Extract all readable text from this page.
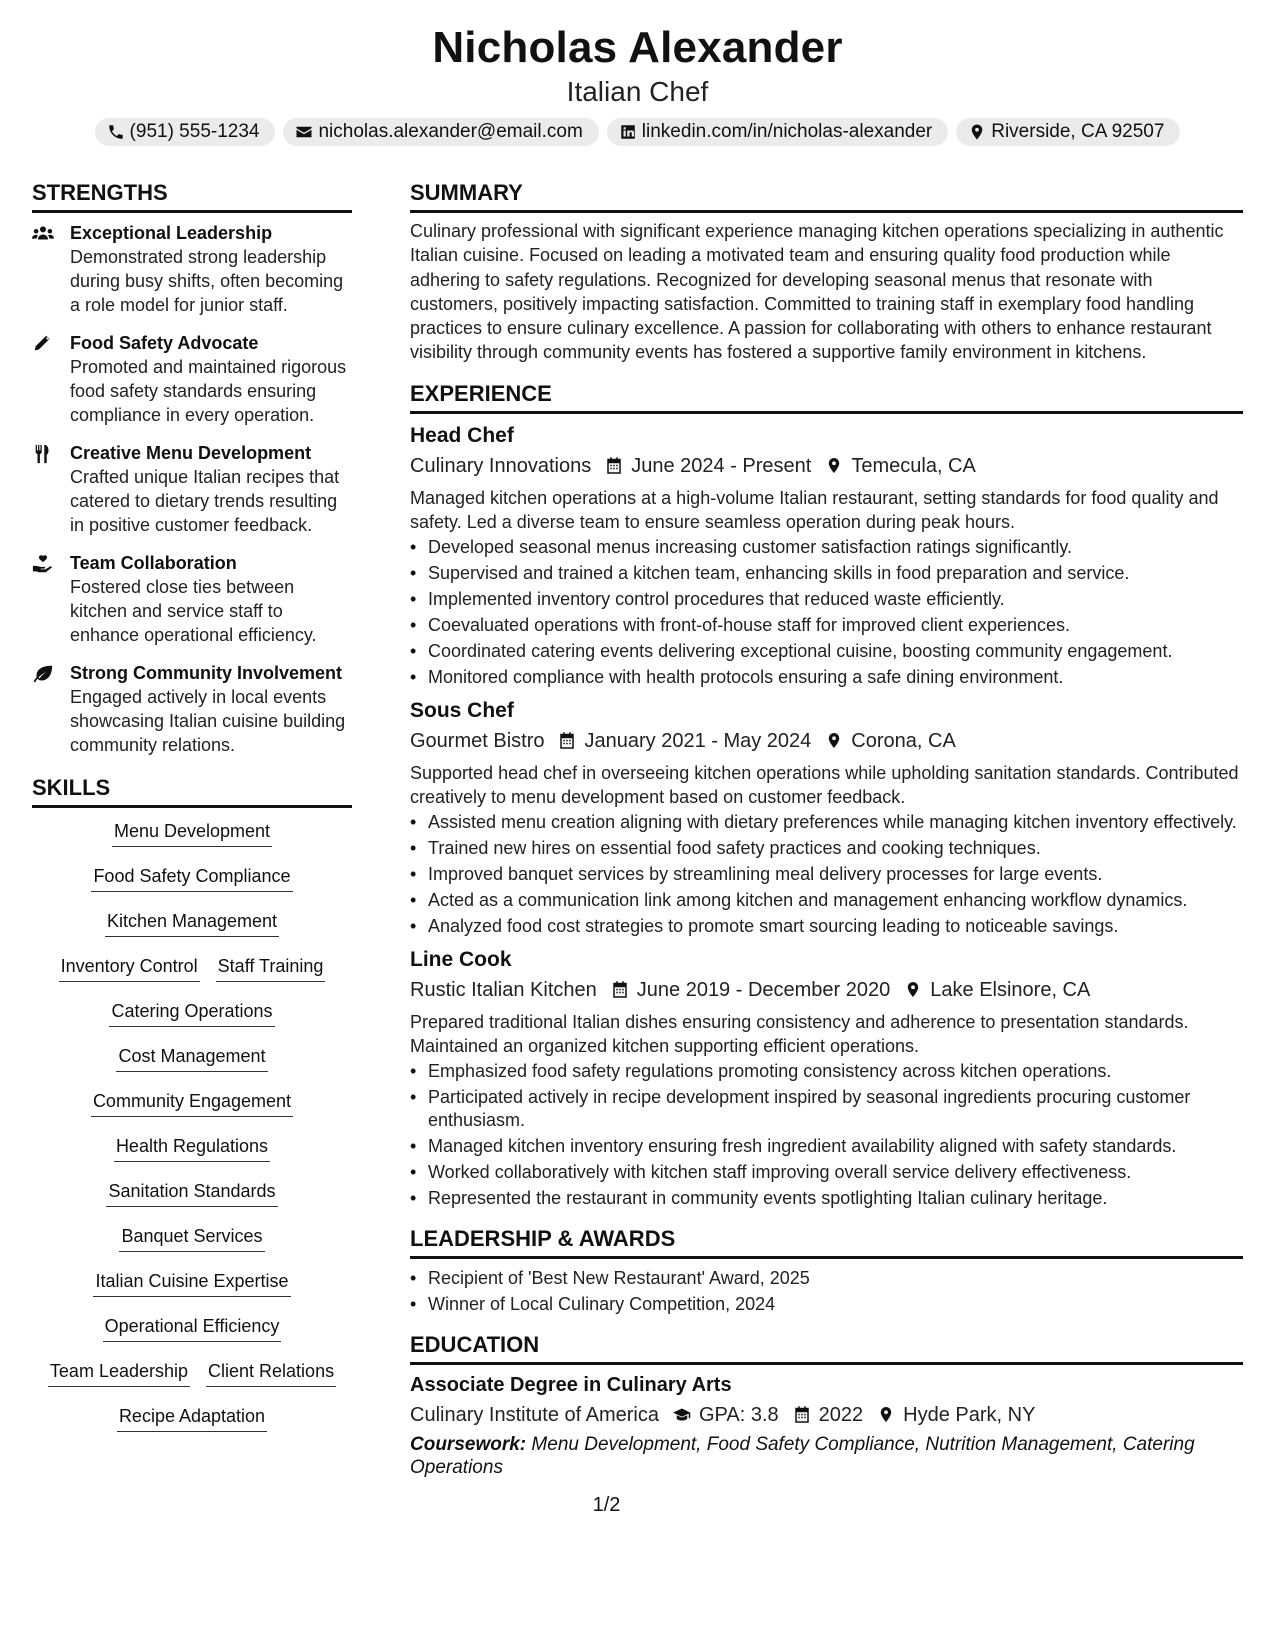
Nicholas Alexander
Italian Chef
(951) 555-1234	nicholas.alexander@email.com	linkedin.com/in/nicholas-alexander	Riverside, CA 92507
STRENGTHS
Exceptional Leadership
Demonstrated strong leadership during busy shifts, often becoming a role model for junior staff.
Food Safety Advocate
Promoted and maintained rigorous food safety standards ensuring compliance in every operation.
Creative Menu Development
Crafted unique Italian recipes that catered to dietary trends resulting in positive customer feedback.
Team Collaboration
Fostered close ties between kitchen and service staff to enhance operational efficiency.
Strong Community Involvement
Engaged actively in local events showcasing Italian cuisine building community relations.
SKILLS
Menu Development
Food Safety Compliance
Kitchen Management
Inventory Control Staff Training
Catering Operations
Cost Management
Community Engagement
Health Regulations
Sanitation Standards
Banquet Services
Italian Cuisine Expertise
Operational Efficiency
Team Leadership Client Relations
Recipe Adaptation
SUMMARY
Culinary professional with significant experience managing kitchen operations specializing in authentic Italian cuisine. Focused on leading a motivated team and ensuring quality food production while adhering to safety regulations. Recognized for developing seasonal menus that resonate with customers, positively impacting satisfaction. Committed to training staff in exemplary food handling practices to ensure culinary excellence. A passion for collaborating with others to enhance restaurant visibility through community events has fostered a supportive family environment in kitchens.
EXPERIENCE
Head Chef
Culinary Innovations June 2024 - Present Temecula, CA
Managed kitchen operations at a high-volume Italian restaurant, setting standards for food quality and safety. Led a diverse team to ensure seamless operation during peak hours.
• Developed seasonal menus increasing customer satisfaction ratings significantly.
• Supervised and trained a kitchen team, enhancing skills in food preparation and service.
• Implemented inventory control procedures that reduced waste efficiently.
• Coevaluated operations with front-of-house staff for improved client experiences.
• Coordinated catering events delivering exceptional cuisine, boosting community engagement.
• Monitored compliance with health protocols ensuring a safe dining environment.
Sous Chef
Gourmet Bistro January 2021 - May 2024 Corona, CA
Supported head chef in overseeing kitchen operations while upholding sanitation standards. Contributed creatively to menu development based on customer feedback.
• Assisted menu creation aligning with dietary preferences while managing kitchen inventory effectively.
• Trained new hires on essential food safety practices and cooking techniques.
• Improved banquet services by streamlining meal delivery processes for large events.
• Acted as a communication link among kitchen and management enhancing workflow dynamics.
• Analyzed food cost strategies to promote smart sourcing leading to noticeable savings.
Line Cook
Rustic Italian Kitchen June 2019 - December 2020 Lake Elsinore, CA
Prepared traditional Italian dishes ensuring consistency and adherence to presentation standards. Maintained an organized kitchen supporting efficient operations.
• Emphasized food safety regulations promoting consistency across kitchen operations.
• Participated actively in recipe development inspired by seasonal ingredients procuring customer enthusiasm.
• Managed kitchen inventory ensuring fresh ingredient availability aligned with safety standards.
• Worked collaboratively with kitchen staff improving overall service delivery effectiveness.
• Represented the restaurant in community events spotlighting Italian culinary heritage.
LEADERSHIP & AWARDS
• Recipient of 'Best New Restaurant' Award, 2025
• Winner of Local Culinary Competition, 2024
EDUCATION
Associate Degree in Culinary Arts
Culinary Institute of America GPA: 3.8 2022 Hyde Park, NY
Coursework: Menu Development, Food Safety Compliance, Nutrition Management, Catering Operations
1/2
